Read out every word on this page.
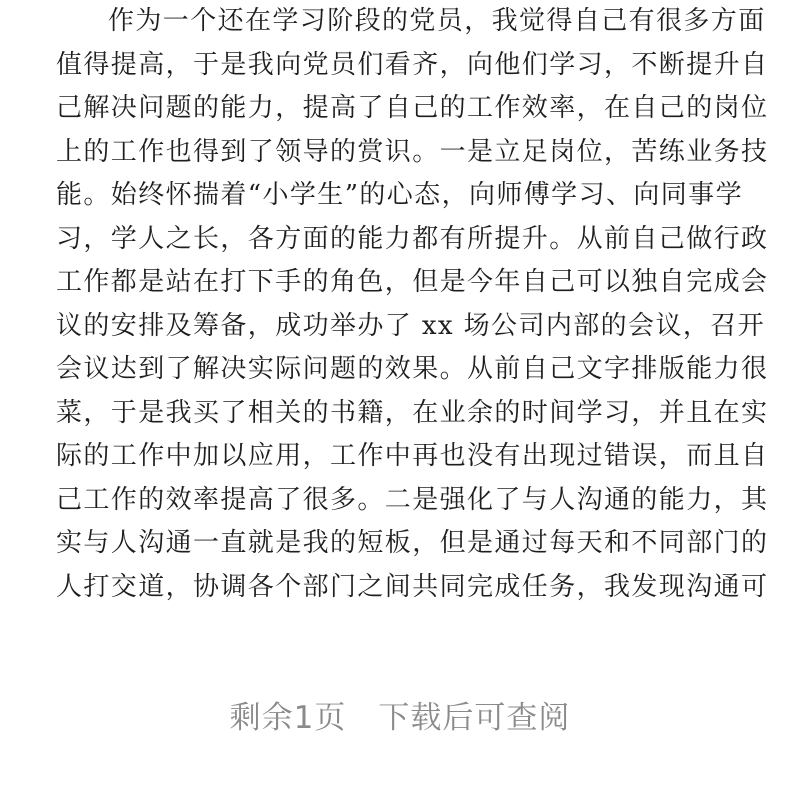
作为一个还在学习阶段的党员，我觉得自己有很多方面
值得提高，于是我向党员们看齐，向他们学习，不断提升自
己解决问题的能力，提高了自己的工作效率，在自己的岗位
上的工作也得到了领导的赏识。一是立足岗位，苦练业务技
能。始终怀揣着“小学生”的心态，向师傅学习、向同事学
习，学人之长，各方面的能力都有所提升。从前自己做行政
工作都是站在打下手的角色，但是今年自己可以独自完成会
议的安排及筹备，成功举办了 xx 场公司内部的会议，召开
会议达到了解决实际问题的效果。从前自己文字排版能力很
菜，于是我买了相关的书籍，在业余的时间学习，并且在实
际的工作中加以应用，工作中再也没有出现过错误，而且自
己工作的效率提高了很多。二是强化了与人沟通的能力，其
实与人沟通一直就是我的短板，但是通过每天和不同部门的
人打交道，协调各个部门之间共同完成任务，我发现沟通可
剩余1页　下载后可查阅
